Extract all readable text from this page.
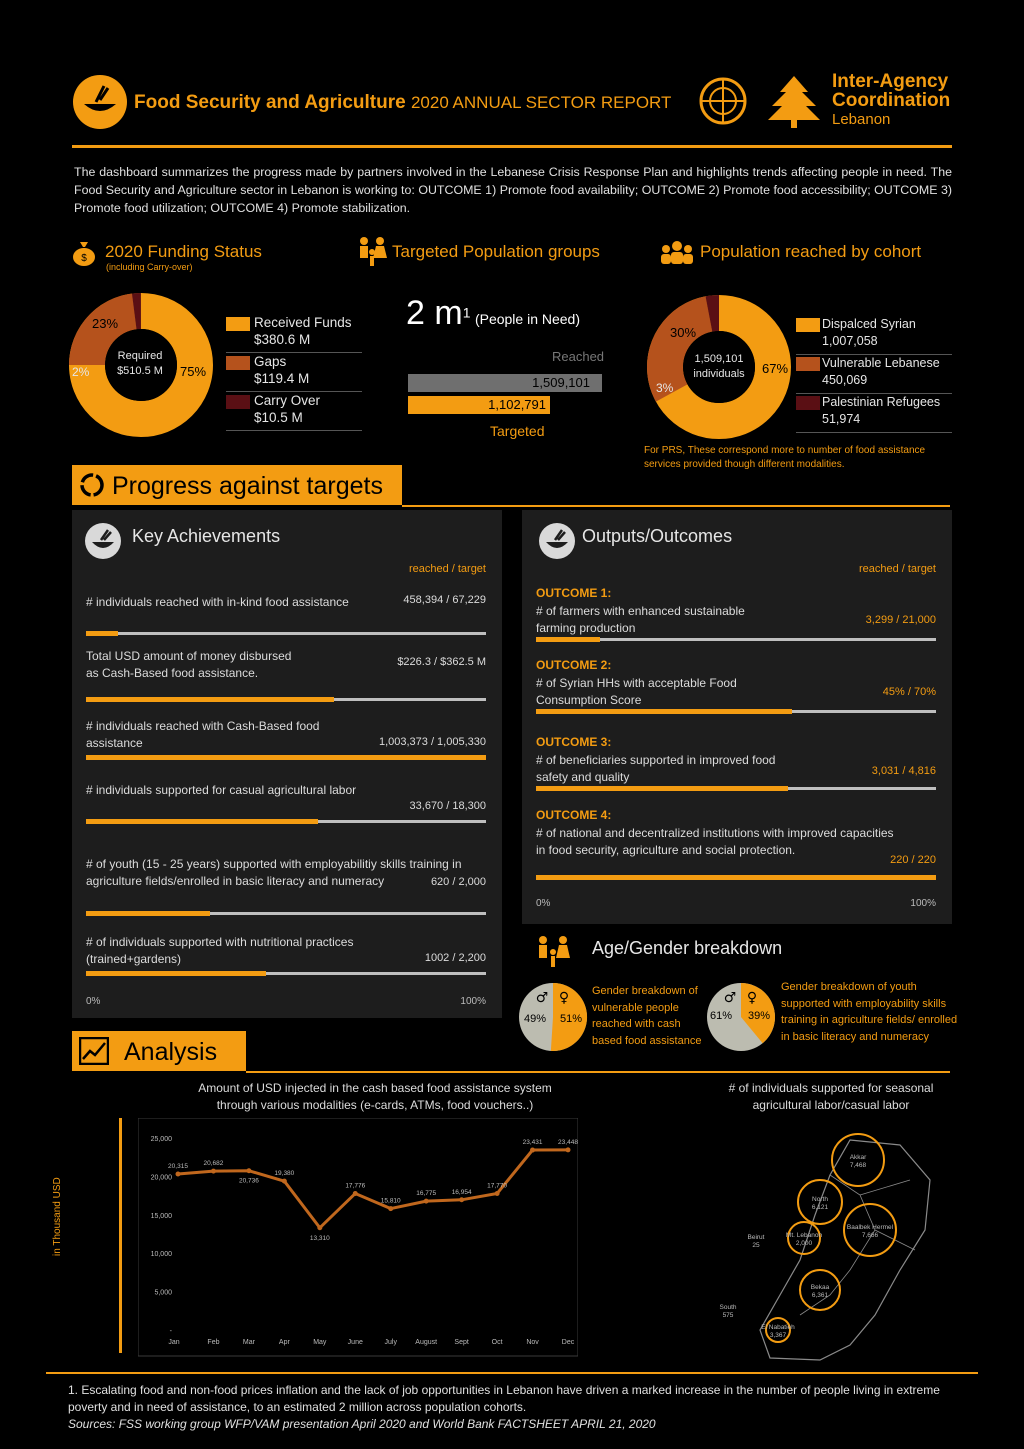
Food Security and Agriculture 2020 ANNUAL SECTOR REPORT
Inter-Agency
Coordination
Lebanon
The dashboard summarizes the progress made by partners involved in the Lebanese Crisis Response Plan and highlights trends affecting people in need. The Food Security and Agriculture sector in Lebanon is working to: OUTCOME 1) Promote food availability; OUTCOME 2) Promote food accessibility; OUTCOME 3) Promote food utilization; OUTCOME 4) Promote stabilization.
$ 2020 Funding Status
(including Carry-over)
Required
$510.5 M
23%
75%
2%
Received Funds
$380.6 M
Gaps
$119.4 M
Carry Over
$10.5 M
Targeted Population groups
2 $m^1$ (People in Need)
Reached
1,509,101
1,102,791
Targeted
Population reached by cohort
1,509,101
individuals
30%
67%
3%
Dispalced Syrian
1,007,058
Vulnerable Lebanese
450,069
Palestinian Refugees
51,974
For PRS, These correspond more to number of food assistance services provided though different modalities.
Progress against targets
Key Achievements
reached / target
# individuals reached with in-kind food assistance	458,394 / 67,229
Total USD amount of money disbursed
as Cash-Based food assistance.
$226.3 / $362.5 M
# individuals reached with Cash-Based food assistance	1,003,373 / 1,005,330
# individuals supported for casual agricultural labor
33,670 / 18,300
# of youth (15 - 25 years) supported with employabilitiy skills training in agriculture fields/enrolled in basic literacy and numeracy	620 / 2,000
# of individuals supported with nutritional practices (trained+gardens)	1002 / 2,200
0%	100%
Outputs/Outcomes
reached / target
OUTCOME 1:
# of farmers with enhanced sustainable farming production
3,299 / 21,000
OUTCOME 2:
# of Syrian HHs with acceptable Food Consumption Score
45% / 70%
OUTCOME 3:
# of beneficiaries supported in improved food safety and quality	3,031 / 4,816
OUTCOME 4:
# of national and decentralized institutions with improved capacities in food security, agriculture and social protection.
220 / 220
0%	100%
Age/Gender breakdown
♂ ♀
49% 51%
Gender breakdown of vulnerable people reached with cash based food assistance
♂ ♀
61% 39%
Gender breakdown of youth supported with employability skills training in agriculture fields/ enrolled in basic literacy and numeracy
Analysis
Amount of USD injected in the cash based food assistance system through various modalities (e-cards, ATMs, food vouchers..)
in Thousand USD
25,000
20,000
15,000
10,000
5,000
-
20,315
Jan
20,682
Feb
20,736
Mar
19,380
Apr
13,310
May
17,776
June
15,810
July
16,775
August
16,954
Sept
17,770
Oct
23,431
Nov
23,448
Dec
# of individuals supported for seasonal agricultural labor/casual labor
Akkar
7,468
North
6,121
Baalbek Hermel
7,666
Mt. Lebanon
2,000
Beirut
25
Bekaa
6,361
South
575
El Nabatieh
3,367
1. Escalating food and non-food prices inflation and the lack of job opportunities in Lebanon have driven a marked increase in the number of people living in extreme poverty and in need of assistance, to an estimated 2 million across population cohorts.
Sources: FSS working group WFP/VAM presentation April 2020 and World Bank FACTSHEET APRIL 21, 2020
